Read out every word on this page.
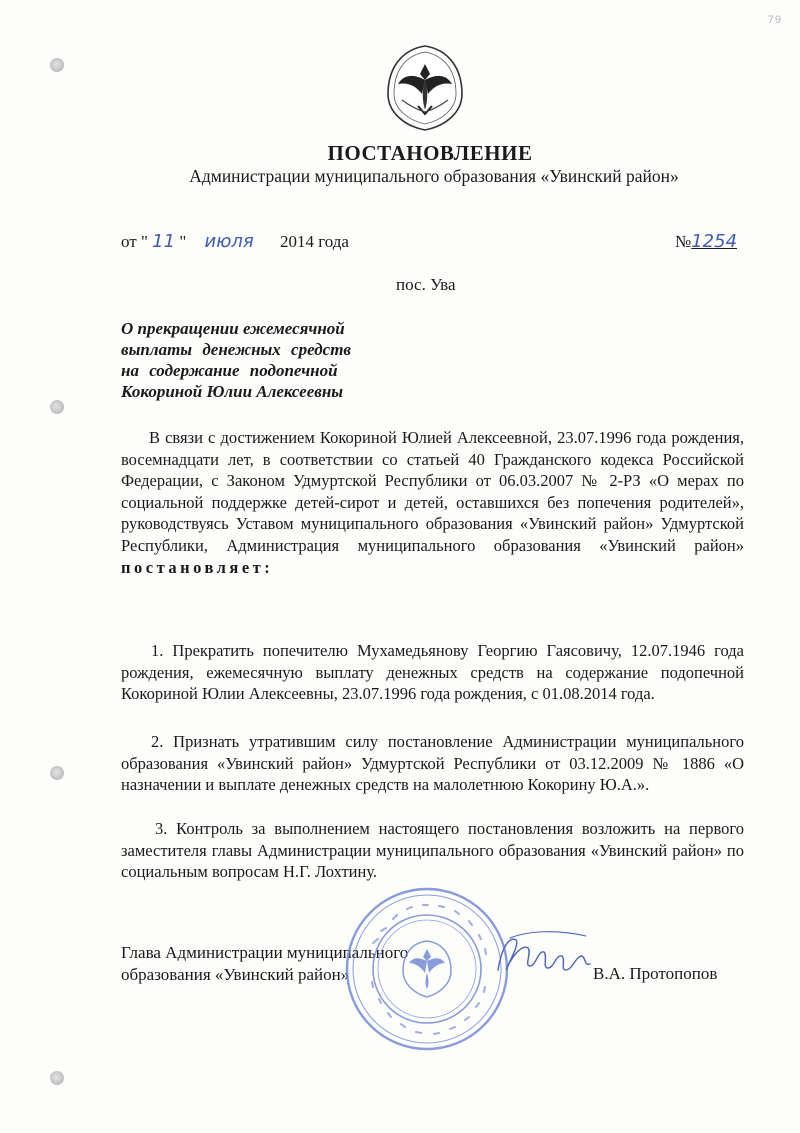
79
ПОСТАНОВЛЕНИЕ
Администрации муниципального образования «Увинский район»
от " 11 " июля 2014 года	№1254
пос. Ува
О прекращении ежемесячной
выплаты денежных средств
на содержание подопечной
Кокориной Юлии Алексеевны
В связи с достижением Кокориной Юлией Алексеевной, 23.07.1996 года рождения, восемнадцати лет, в соответствии со статьей 40 Гражданского кодекса Российской Федерации, с Законом Удмуртской Республики от 06.03.2007 № 2-РЗ «О мерах по социальной поддержке детей-сирот и детей, оставшихся без попечения родителей», руководствуясь Уставом муниципального образования «Увинский район» Удмуртской Республики, Администрация муниципального образования «Увинский район» постановляет:
1. Прекратить попечителю Мухамедьянову Георгию Гаясовичу, 12.07.1946 года рождения, ежемесячную выплату денежных средств на содержание подопечной Кокориной Юлии Алексеевны, 23.07.1996 года рождения, с 01.08.2014 года.
2. Признать утратившим силу постановление Администрации муниципального образования «Увинский район» Удмуртской Республики от 03.12.2009 № 1886 «О назначении и выплате денежных средств на малолетнюю Кокорину Ю.А.».
3. Контроль за выполнением настоящего постановления возложить на первого заместителя главы Администрации муниципального образования «Увинский район» по социальным вопросам Н.Г. Лохтину.
Глава Администрации муниципального
образования «Увинский район»	В.А. Протопопов
